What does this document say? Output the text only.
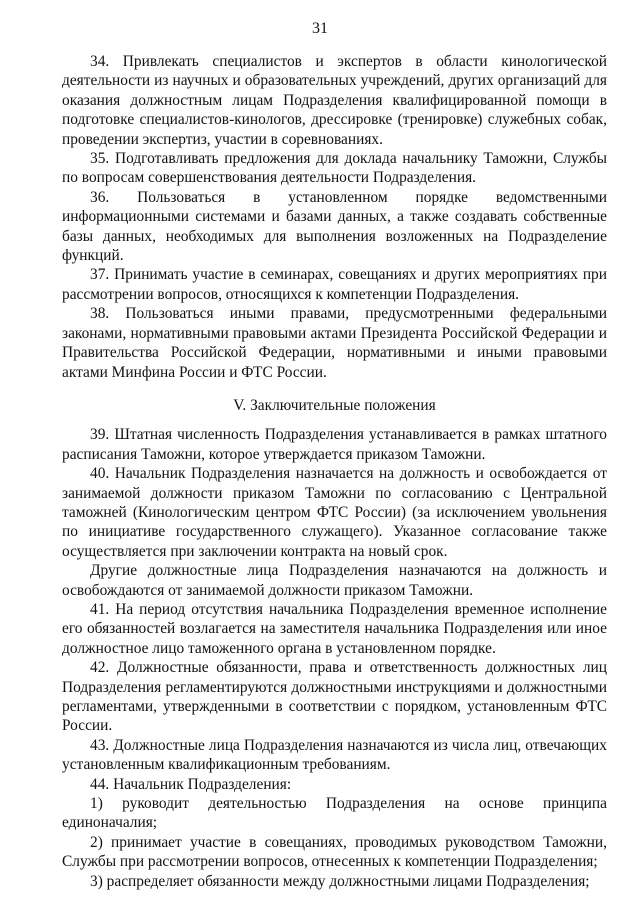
31

34. Привлекать специалистов и экспертов в области кинологической деятельности из научных и образовательных учреждений, других организаций для оказания должностным лицам Подразделения квалифицированной помощи в подготовке специалистов-кинологов, дрессировке (тренировке) служебных собак, проведении экспертиз, участии в соревнованиях.

35. Подготавливать предложения для доклада начальнику Таможни, Службы по вопросам совершенствования деятельности Подразделения.

36. Пользоваться в установленном порядке ведомственными информационными системами и базами данных, а также создавать собственные базы данных, необходимых для выполнения возложенных на Подразделение функций.

37. Принимать участие в семинарах, совещаниях и других мероприятиях при рассмотрении вопросов, относящихся к компетенции Подразделения.

38. Пользоваться иными правами, предусмотренными федеральными законами, нормативными правовыми актами Президента Российской Федерации и Правительства Российской Федерации, нормативными и иными правовыми актами Минфина России и ФТС России.

V. Заключительные положения

39. Штатная численность Подразделения устанавливается в рамках штатного расписания Таможни, которое утверждается приказом Таможни.

40. Начальник Подразделения назначается на должность и освобождается от занимаемой должности приказом Таможни по согласованию с Центральной таможней (Кинологическим центром ФТС России) (за исключением увольнения по инициативе государственного служащего). Указанное согласование также осуществляется при заключении контракта на новый срок.

Другие должностные лица Подразделения назначаются на должность и освобождаются от занимаемой должности приказом Таможни.

41. На период отсутствия начальника Подразделения временное исполнение его обязанностей возлагается на заместителя начальника Подразделения или иное должностное лицо таможенного органа в установленном порядке.

42. Должностные обязанности, права и ответственность должностных лиц Подразделения регламентируются должностными инструкциями и должностными регламентами, утвержденными в соответствии с порядком, установленным ФТС России.

43. Должностные лица Подразделения назначаются из числа лиц, отвечающих установленным квалификационным требованиям.

44. Начальник Подразделения:

1) руководит деятельностью Подразделения на основе принципа единоначалия;

2) принимает участие в совещаниях, проводимых руководством Таможни, Службы при рассмотрении вопросов, отнесенных к компетенции Подразделения;

3) распределяет обязанности между должностными лицами Подразделения;
